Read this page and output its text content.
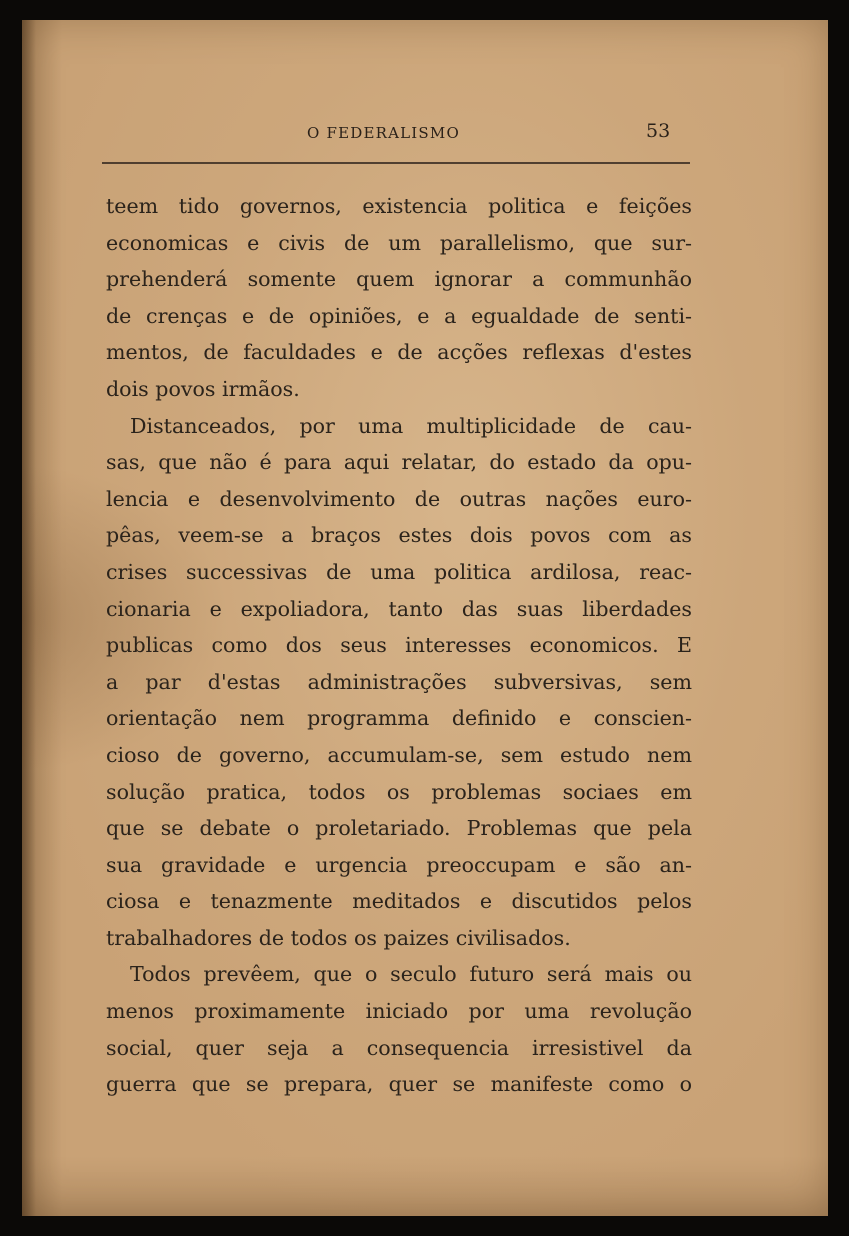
O FEDERALISMO	53
teem tido governos, existencia politica e feições
economicas e civis de um parallelismo, que sur-
prehenderá somente quem ignorar a communhão
de crenças e de opiniões, e a egualdade de senti-
mentos, de faculdades e de acções reflexas d'estes
dois povos irmãos.
Distanceados, por uma multiplicidade de cau-
sas, que não é para aqui relatar, do estado da opu-
lencia e desenvolvimento de outras nações euro-
pêas, veem-se a braços estes dois povos com as
crises successivas de uma politica ardilosa, reac-
cionaria e expoliadora, tanto das suas liberdades
publicas como dos seus interesses economicos. E
a par d'estas administrações subversivas, sem
orientação nem programma definido e conscien-
cioso de governo, accumulam-se, sem estudo nem
solução pratica, todos os problemas sociaes em
que se debate o proletariado. Problemas que pela
sua gravidade e urgencia preoccupam e são an-
ciosa e tenazmente meditados e discutidos pelos
trabalhadores de todos os paizes civilisados.
Todos prevêem, que o seculo futuro será mais ou
menos proximamente iniciado por uma revolução
social, quer seja a consequencia irresistivel da
guerra que se prepara, quer se manifeste como o
